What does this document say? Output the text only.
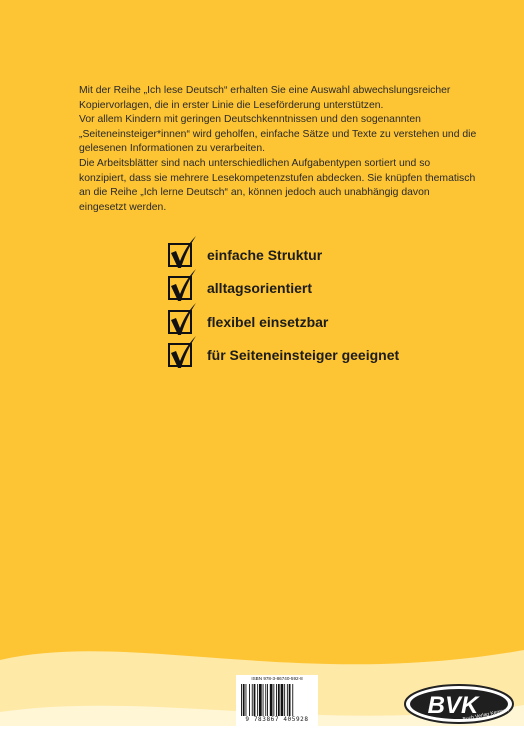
Mit der Reihe „Ich lese Deutsch“ erhalten Sie eine Auswahl abwechslungsreicher Kopiervorlagen, die in erster Linie die Leseförderung unterstützen.

Vor allem Kindern mit geringen Deutschkenntnissen und den sogenannten „Seiteneinsteiger*innen“ wird geholfen, einfache Sätze und Texte zu verstehen und die gelesenen Informationen zu verarbeiten.

Die Arbeitsblätter sind nach unterschiedlichen Aufgabentypen sortiert und so konzipiert, dass sie mehrere Lesekompetenzstufen abdecken. Sie knüpfen thematisch an die Reihe „Ich lerne Deutsch“ an, können jedoch auch unabhängig davon eingesetzt werden.

einfache Struktur
alltagsorientiert
flexibel einsetzbar
für Seiteneinsteiger geeignet
ISBN 978-3-86740-592-8
9 783867 405928
BVK
Buch Verlag Kempen
